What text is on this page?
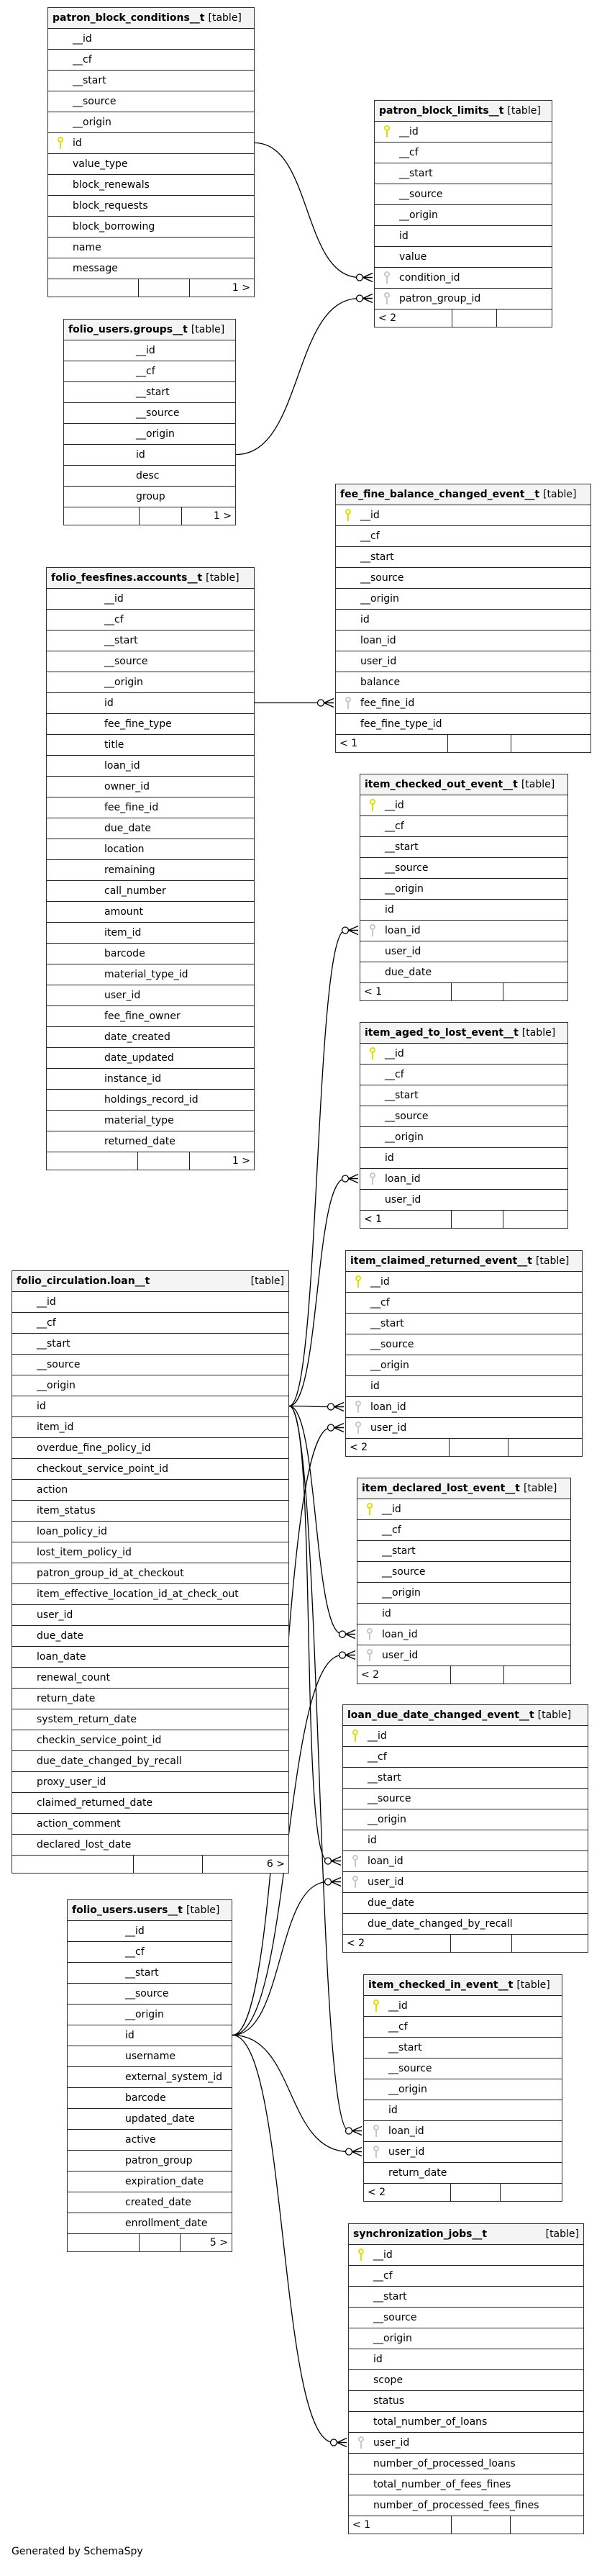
patron_block_conditions__t [table]
__id
__cf
__start
__source
__origin
id
value_type
block_renewals
block_requests
block_borrowing
name
message
1 >
patron_block_limits__t [table]
__id
__cf
__start
__source
__origin
id
value
condition_id
patron_group_id
< 2
folio_users.groups__t [table]
__id
__cf
__start
__source
__origin
id
desc
group
1 >
fee_fine_balance_changed_event__t [table]
__id
__cf
__start
__source
__origin
id
loan_id
user_id
balance
fee_fine_id
fee_fine_type_id
< 1
folio_feesfines.accounts__t [table]
__id
__cf
__start
__source
__origin
id
fee_fine_type
title
loan_id
owner_id
fee_fine_id
due_date
location
remaining
call_number
amount
item_id
barcode
material_type_id
user_id
fee_fine_owner
date_created
date_updated
instance_id
holdings_record_id
material_type
returned_date
1 >
item_checked_out_event__t [table]
__id
__cf
__start
__source
__origin
id
loan_id
user_id
due_date
< 1
item_aged_to_lost_event__t [table]
__id
__cf
__start
__source
__origin
id
loan_id
user_id
< 1
folio_circulation.loan__t	[table]
__id
__cf
__start
__source
__origin
id
item_id
overdue_fine_policy_id
checkout_service_point_id
action
item_status
loan_policy_id
lost_item_policy_id
patron_group_id_at_checkout
item_effective_location_id_at_check_out
user_id
due_date
loan_date
renewal_count
return_date
system_return_date
checkin_service_point_id
due_date_changed_by_recall
proxy_user_id
claimed_returned_date
action_comment
declared_lost_date
6 >
item_claimed_returned_event__t [table]
__id
__cf
__start
__source
__origin
id
loan_id
user_id
< 2
item_declared_lost_event__t [table]
__id
__cf
__start
__source
__origin
id
loan_id
user_id
< 2
loan_due_date_changed_event__t [table]
__id
__cf
__start
__source
__origin
id
loan_id
user_id
due_date
due_date_changed_by_recall
< 2
folio_users.users__t [table]
__id
__cf
__start
__source
__origin
id
username
external_system_id
barcode
updated_date
active
patron_group
expiration_date
created_date
enrollment_date
5 >
item_checked_in_event__t [table]
__id
__cf
__start
__source
__origin
id
loan_id
user_id
return_date
< 2
synchronization_jobs__t	[table]
__id
__cf
__start
__source
__origin
id
scope
status
total_number_of_loans
user_id
number_of_processed_loans
total_number_of_fees_fines
number_of_processed_fees_fines
< 1
Generated by SchemaSpy
